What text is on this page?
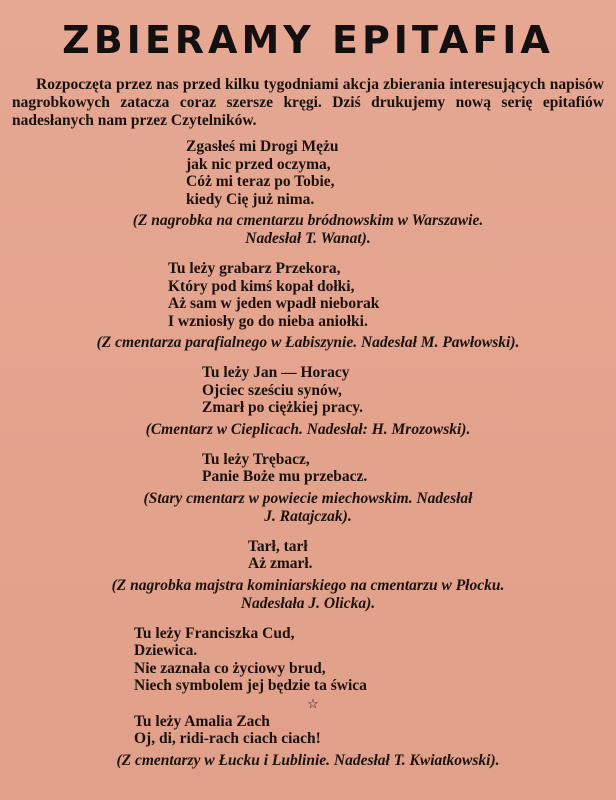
ZBIERAMY EPITAFIA

Rozpoczęta przez nas przed kilku tygodniami akcja zbierania interesujących napisów nagrobkowych zatacza coraz szersze kręgi. Dziś drukujemy nową serię epitafiów nadesłanych nam przez Czytelników.

Zgasłeś mi Drogi Mężu
jak nic przed oczyma,
Cóż mi teraz po Tobie,
kiedy Cię już nima.
(Z nagrobka na cmentarzu bródnowskim w Warszawie.
Nadesłał T. Wanat).
Tu leży grabarz Przekora,
Który pod kimś kopał dołki,
Aż sam w jeden wpadł nieborak
I wzniosły go do nieba aniołki.
(Z cmentarza parafialnego w Łabiszynie. Nadesłał M. Pawłowski).
Tu leży Jan — Horacy
Ojciec sześciu synów,
Zmarł po ciężkiej pracy.
(Cmentarz w Cieplicach. Nadesłał: H. Mrozowski).
Tu leży Trębacz,
Panie Boże mu przebacz.
(Stary cmentarz w powiecie miechowskim. Nadesłał
J. Ratajczak).
Tarł, tarł
Aż zmarł.
(Z nagrobka majstra kominiarskiego na cmentarzu w Płocku.
Nadesłała J. Olicka).
Tu leży Franciszka Cud,
Dziewica.
Nie zaznała co życiowy brud,
Niech symbolem jej będzie ta świca
☆
Tu leży Amalia Zach
Oj, di, ridi-rach ciach ciach!
(Z cmentarzy w Łucku i Lublinie. Nadesłał T. Kwiatkowski).
